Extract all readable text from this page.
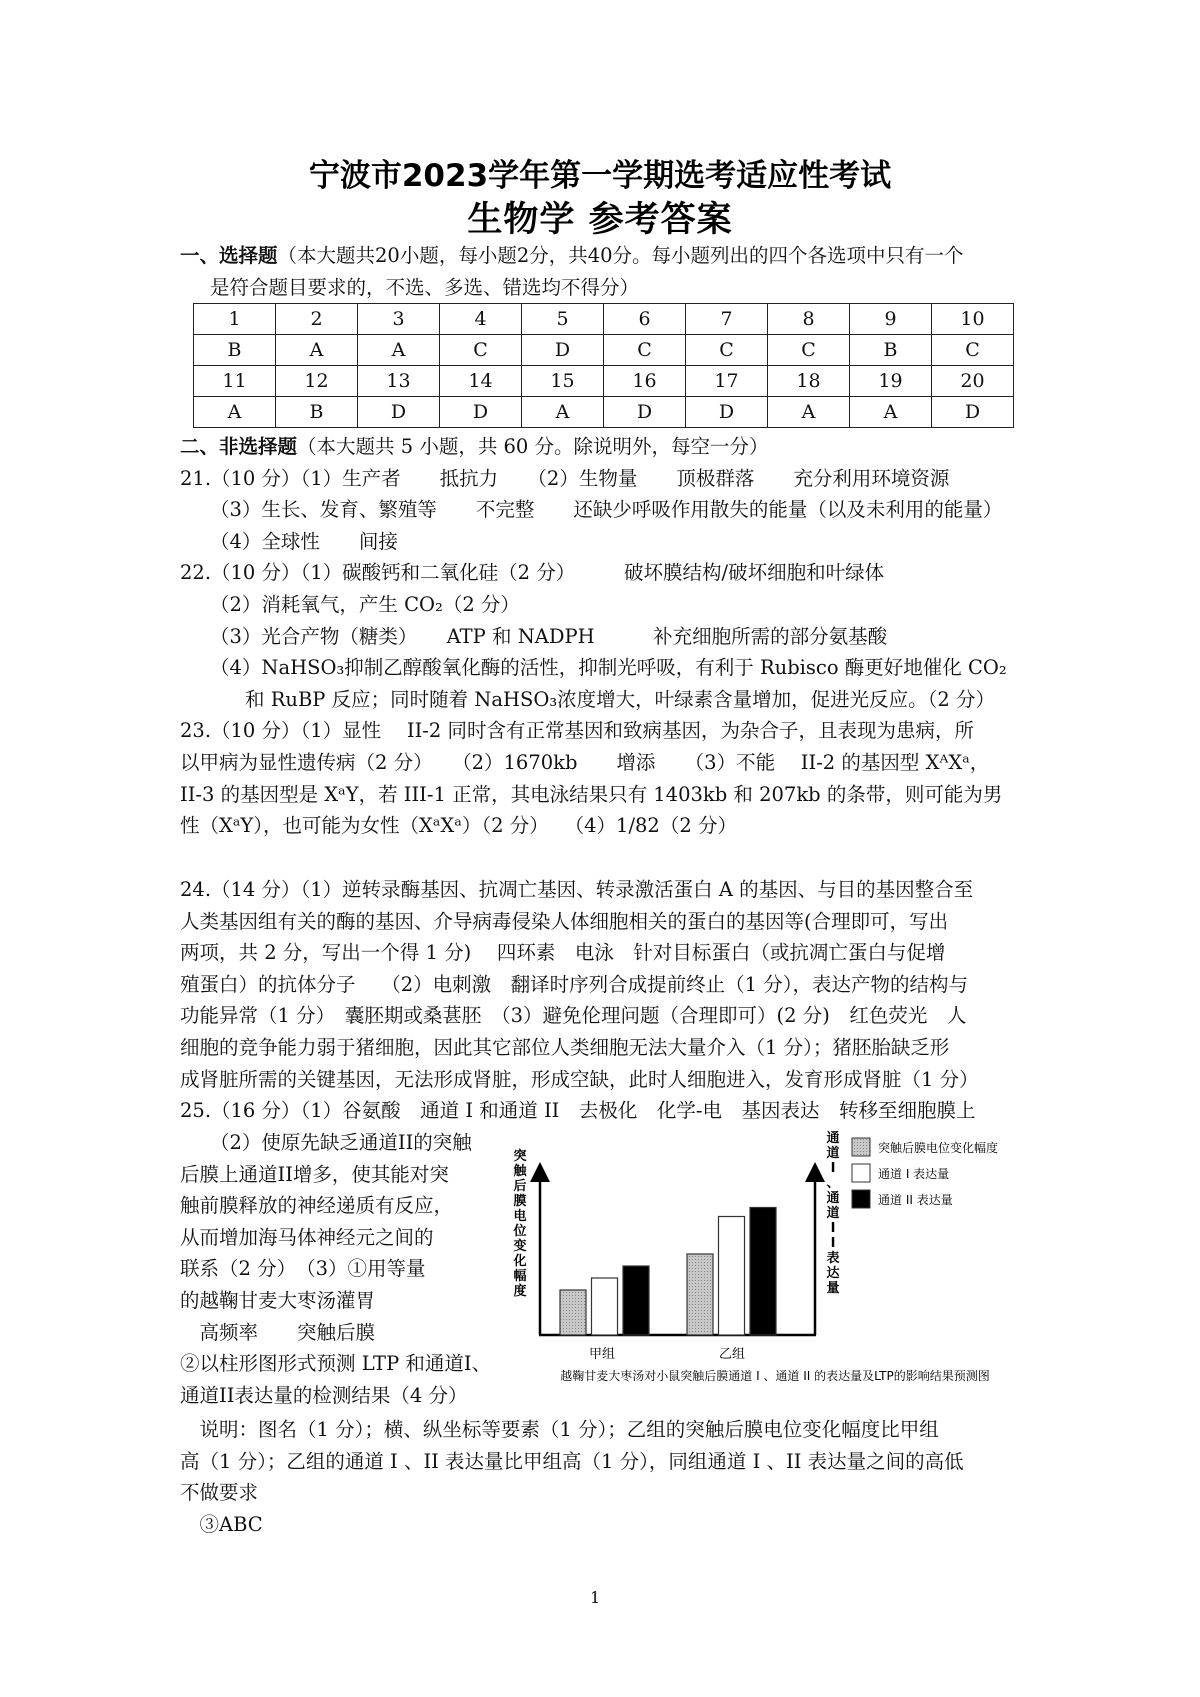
宁波市2023学年第一学期选考适应性考试
生物学 参考答案
一、选择题（本大题共20小题，每小题2分，共40分。每小题列出的四个各选项中只有一个
是符合题目要求的，不选、多选、错选均不得分）
1	2	3	4	5	6	7	8	9	10
B	A	A	C	D	C	C	C	B	C
11	12	13	14	15	16	17	18	19	20
A	B	D	D	A	D	D	A	A	D
二、非选择题（本大题共 5 小题，共 60 分。除说明外，每空一分）
21.（10 分）（1）生产者　　抵抗力　　（2）生物量　　顶极群落　　充分利用环境资源
（3）生长、发育、繁殖等　　不完整　　还缺少呼吸作用散失的能量（以及未利用的能量）
（4）全球性　　间接
22.（10 分）（1）碳酸钙和二氧化硅（2 分）　　　破坏膜结构/破坏细胞和叶绿体
（2）消耗氧气，产生 CO₂（2 分）
（3）光合产物（糖类）　　ATP 和 NADPH　　　补充细胞所需的部分氨基酸
（4）NaHSO₃抑制乙醇酸氧化酶的活性，抑制光呼吸，有利于 Rubisco 酶更好地催化 CO₂
和 RuBP 反应；同时随着 NaHSO₃浓度增大，叶绿素含量增加，促进光反应。（2 分）
23.（10 分）（1）显性　 II-2 同时含有正常基因和致病基因，为杂合子，且表现为患病，所
以甲病为显性遗传病（2 分）　　（2）1670kb　　增添　　（3）不能　 II-2 的基因型 XᴬXᵃ，
II-3 的基因型是 XᵃY，若 III-1 正常，其电泳结果只有 1403kb 和 207kb 的条带，则可能为男
性（XᵃY），也可能为女性（XᵃXᵃ）（2 分）　 （4）1/82（2 分）
24.（14 分）（1）逆转录酶基因、抗凋亡基因、转录激活蛋白 A 的基因、与目的基因整合至
人类基因组有关的酶的基因、介导病毒侵染人体细胞相关的蛋白的基因等(合理即可，写出
两项，共 2 分，写出一个得 1 分)　 四环素　电泳　针对目标蛋白（或抗凋亡蛋白与促增
殖蛋白）的抗体分子　 （2）电刺激　翻译时序列合成提前终止（1 分），表达产物的结构与
功能异常（1 分）　囊胚期或桑葚胚　（3）避免伦理问题（合理即可）(2 分)　红色荧光　人
细胞的竞争能力弱于猪细胞，因此其它部位人类细胞无法大量介入（1 分）；猪胚胎缺乏形
成肾脏所需的关键基因，无法形成肾脏，形成空缺，此时人细胞进入，发育形成肾脏（1 分）
25.（16 分）（1）谷氨酸　通道 I 和通道 II　去极化　化学-电　基因表达　转移至细胞膜上
（2）使原先缺乏通道II的突触
后膜上通道II增多，使其能对突
触前膜释放的神经递质有反应，
从而增加海马体神经元之间的
联系（2 分）　（3）①用等量
的越鞠甘麦大枣汤灌胃
　高频率　　突触后膜
②以柱形图形式预测 LTP 和通道I、
通道II表达量的检测结果（4 分）
突触后膜电位变化幅度
通道 I 、通道 I I 表达量
突触后膜电位变化幅度
通道 I 表达量
通道 II 表达量
甲组	乙组
越鞠甘麦大枣汤对小鼠突触后膜通道 I 、通道 II 的表达量及LTP的影响结果预测图
　说明：图名（1 分）；横、纵坐标等要素（1 分）；乙组的突触后膜电位变化幅度比甲组
高（1 分）；乙组的通道 I 、II 表达量比甲组高（1 分），同组通道 I 、II 表达量之间的高低
不做要求
　③ABC
1
